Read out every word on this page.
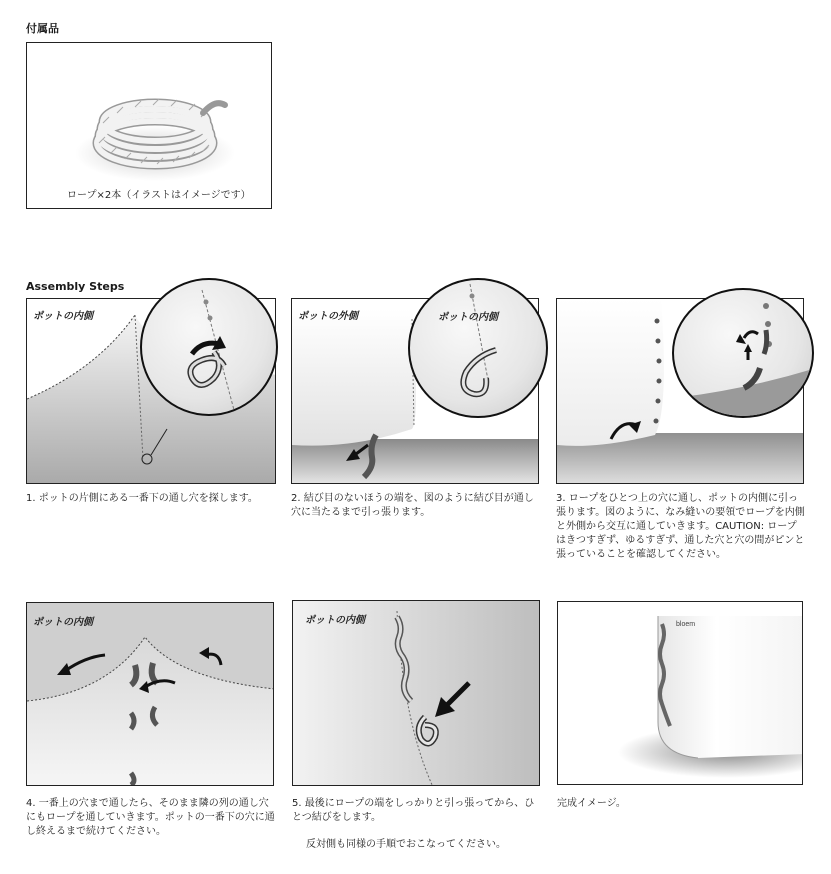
付属品
ロープ×2本（イラストはイメージです）
Assembly Steps
ポットの内側
1. ポットの片側にある一番下の通し穴を探します。
ポットの外側	ポットの内側
2. 結び目のないほうの端を、図のように結び目が通し穴に当たるまで引っ張ります。
3. ロープをひとつ上の穴に通し、ポットの内側に引っ張ります。図のように、なみ縫いの要領でロープを内側と外側から交互に通していきます。CAUTION: ロープはきつすぎず、ゆるすぎず、通した穴と穴の間がピンと張っていることを確認してください。
ポットの内側
4. 一番上の穴まで通したら、そのまま隣の列の通し穴にもロープを通していきます。ポットの一番下の穴に通し終えるまで続けてください。
ポットの内側
5. 最後にロープの端をしっかりと引っ張ってから、ひとつ結びをします。
反対側も同様の手順でおこなってください。
bloem
完成イメージ。
